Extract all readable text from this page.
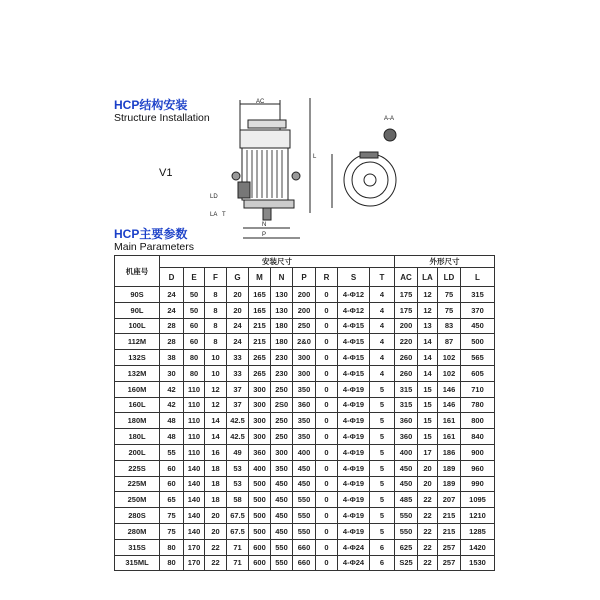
HCP结构安装
Structure Installation
V1
AC
L
LD
LA T
N
P
A-A
HCP主要参数
Main Parameters
机座号	安装尺寸										外形尺寸			
	D	E	F	G	M	N	P	R	S	T	AC	LA	LD	L
90S	24	50	8	20	165	130	200	0	4-Φ12	4	175	12	75	315
90L	24	50	8	20	165	130	200	0	4-Φ12	4	175	12	75	370
100L	28	60	8	24	215	180	250	0	4-Φ15	4	200	13	83	450
112M	28	60	8	24	215	180	2&0	0	4-Φ15	4	220	14	87	500
132S	38	80	10	33	265	230	300	0	4-Φ15	4	260	14	102	565
132M	30	80	10	33	265	230	300	0	4-Φ15	4	260	14	102	605
160M	42	110	12	37	300	250	350	0	4-Φ19	5	315	15	146	710
160L	42	110	12	37	300	2S0	360	0	4-Φ19	5	315	15	146	780
180M	48	110	14	42.5	300	250	350	0	4-Φ19	5	360	15	161	800
180L	48	110	14	42.5	300	250	350	0	4-Φ19	5	360	15	161	840
200L	55	110	16	49	360	300	400	0	4-Φ19	5	400	17	186	900
225S	60	140	18	53	400	350	450	0	4-Φ19	5	450	20	189	960
225M	60	140	18	53	500	450	450	0	4-Φ19	5	450	20	189	990
250M	65	140	18	58	500	450	550	0	4-Φ19	5	485	22	207	1095
280S	75	140	20	67.5	500	450	550	0	4-Φ19	5	550	22	215	1210
280M	75	140	20	67.5	500	450	550	0	4-Φ19	5	550	22	215	1285
315S	80	170	22	71	600	550	660	0	4-Φ24	6	625	22	257	1420
315ML	80	170	22	71	600	550	660	0	4-Φ24	6	S25	22	257	1530
